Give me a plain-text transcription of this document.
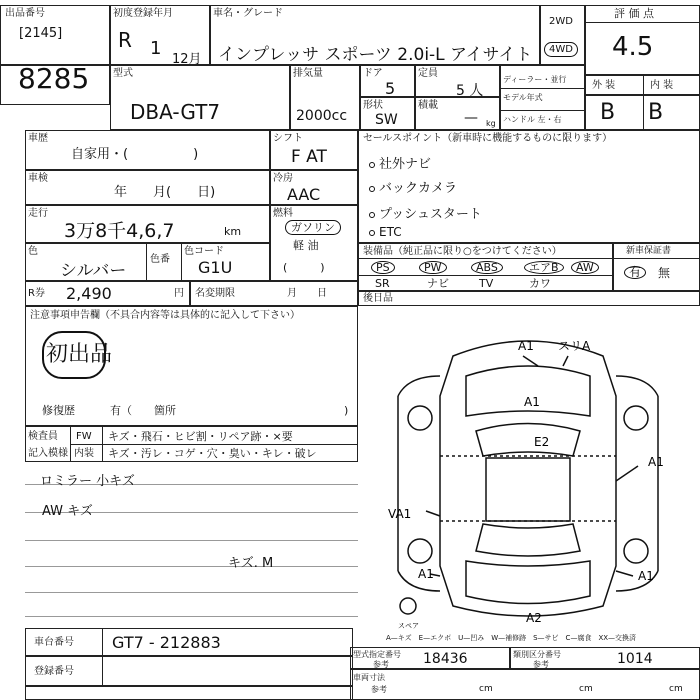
出品番号
[2145]
8285
初度登録年月
R 1
12月
車名・グレード
インプレッサ スポーツ 2.0i-L アイサイト
2WD
4WD
評 価 点
4.5
外 装	内 装
B B
型式
DBA-GT7
排気量
2000cc
ドア
5
定員
5 人
形状
SW
積載
— kg
ディーラー・並行
モデル年式
ハンドル 左・右
車歴
自家用・(　　　　　)
車検
年　　月(　　日)
走行
3万8千4,6,7	km
色
シルバー
色番
色コード
G1U
R券 2,490	円 名変期限	月　　日
シフト
F AT
冷房
AAC
燃料
ガソリン
軽 油
(　　　)
セールスポイント（新車時に機能するものに限ります）
社外ナビ
バックカメラ
プッシュスタート
ETC
装備品（純正品に限り○をつけてください）
PS	PW	ABS	エアB	AW
SR	ナビ	TV	カワ
新車保証書
有	無
後日品
注意事項申告欄（不具合内容等は具体的に記入して下さい）
初出品
修復歴	有（　　箇所	)
検査員
記入模様
FW キズ・飛石・ヒビ割・リペア跡・×要
内装 キズ・汚レ・コゲ・穴・臭い・キレ・破レ
ロミラー 小キズ
AW キズ
キズ. M
A1 スリA
A1
E2
A1
VA1
A1	A1
A2
スペア
A—キズ　E—エクボ　U—凹み　W—補修跡　S—サビ　C—腐食　XX—交換済
車台番号 GT7 - 212883
登録番号
型式指定番号
参考 18436	類別区分番号
参考	1014
車両寸法
参考	cm	cm	cm
